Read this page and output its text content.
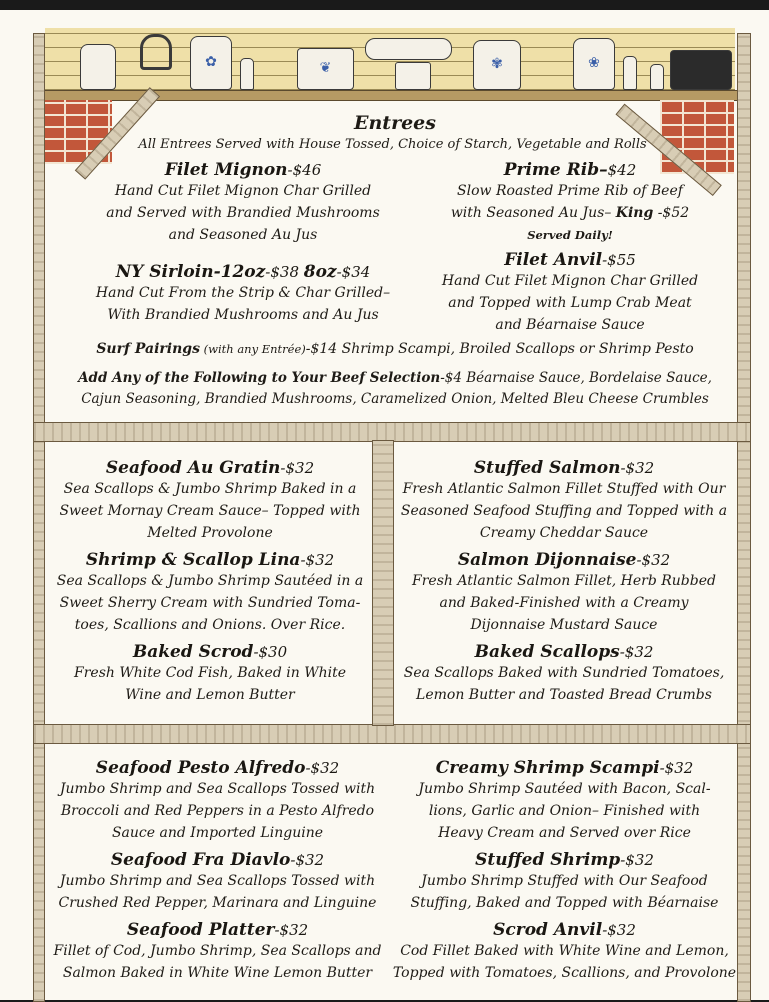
✿	❦	✾	❀
Entrees
All Entrees Served with House Tossed, Choice of Starch, Vegetable and Rolls
Filet Mignon-$46
Hand Cut Filet Mignon Char Grilled
and Served with Brandied Mushrooms
and Seasoned Au Jus
Prime Rib–$42
Slow Roasted Prime Rib of Beef
with Seasoned Au Jus– King -$52
Served Daily!
NY Sirloin-12oz-$38 8oz-$34
Hand Cut From the Strip & Char Grilled–
With Brandied Mushrooms and Au Jus
Filet Anvil-$55
Hand Cut Filet Mignon Char Grilled
and Topped with Lump Crab Meat
and Béarnaise Sauce
Surf Pairings (with any Entrée)-$14 Shrimp Scampi, Broiled Scallops or Shrimp Pesto
Add Any of the Following to Your Beef Selection-$4 Béarnaise Sauce, Bordelaise Sauce,
Cajun Seasoning, Brandied Mushrooms, Caramelized Onion, Melted Bleu Cheese Crumbles
Seafood Au Gratin-$32
Sea Scallops & Jumbo Shrimp Baked in a
Sweet Mornay Cream Sauce– Topped with
Melted Provolone
Shrimp & Scallop Lina-$32
Sea Scallops & Jumbo Shrimp Sautéed in a
Sweet Sherry Cream with Sundried Toma-
toes, Scallions and Onions. Over Rice.
Baked Scrod-$30
Fresh White Cod Fish, Baked in White
Wine and Lemon Butter
Stuffed Salmon-$32
Fresh Atlantic Salmon Fillet Stuffed with Our
Seasoned Seafood Stuffing and Topped with a
Creamy Cheddar Sauce
Salmon Dijonnaise-$32
Fresh Atlantic Salmon Fillet, Herb Rubbed
and Baked-Finished with a Creamy
Dijonnaise Mustard Sauce
Baked Scallops-$32
Sea Scallops Baked with Sundried Tomatoes,
Lemon Butter and Toasted Bread Crumbs
Seafood Pesto Alfredo-$32
Jumbo Shrimp and Sea Scallops Tossed with
Broccoli and Red Peppers in a Pesto Alfredo
Sauce and Imported Linguine
Seafood Fra Diavlo-$32
Jumbo Shrimp and Sea Scallops Tossed with
Crushed Red Pepper, Marinara and Linguine
Seafood Platter-$32
Fillet of Cod, Jumbo Shrimp, Sea Scallops and
Salmon Baked in White Wine Lemon Butter
Creamy Shrimp Scampi-$32
Jumbo Shrimp Sautéed with Bacon, Scal-
lions, Garlic and Onion– Finished with
Heavy Cream and Served over Rice
Stuffed Shrimp-$32
Jumbo Shrimp Stuffed with Our Seafood
Stuffing, Baked and Topped with Béarnaise
Scrod Anvil-$32
Cod Fillet Baked with White Wine and Lemon,
Topped with Tomatoes, Scallions, and Provolone
